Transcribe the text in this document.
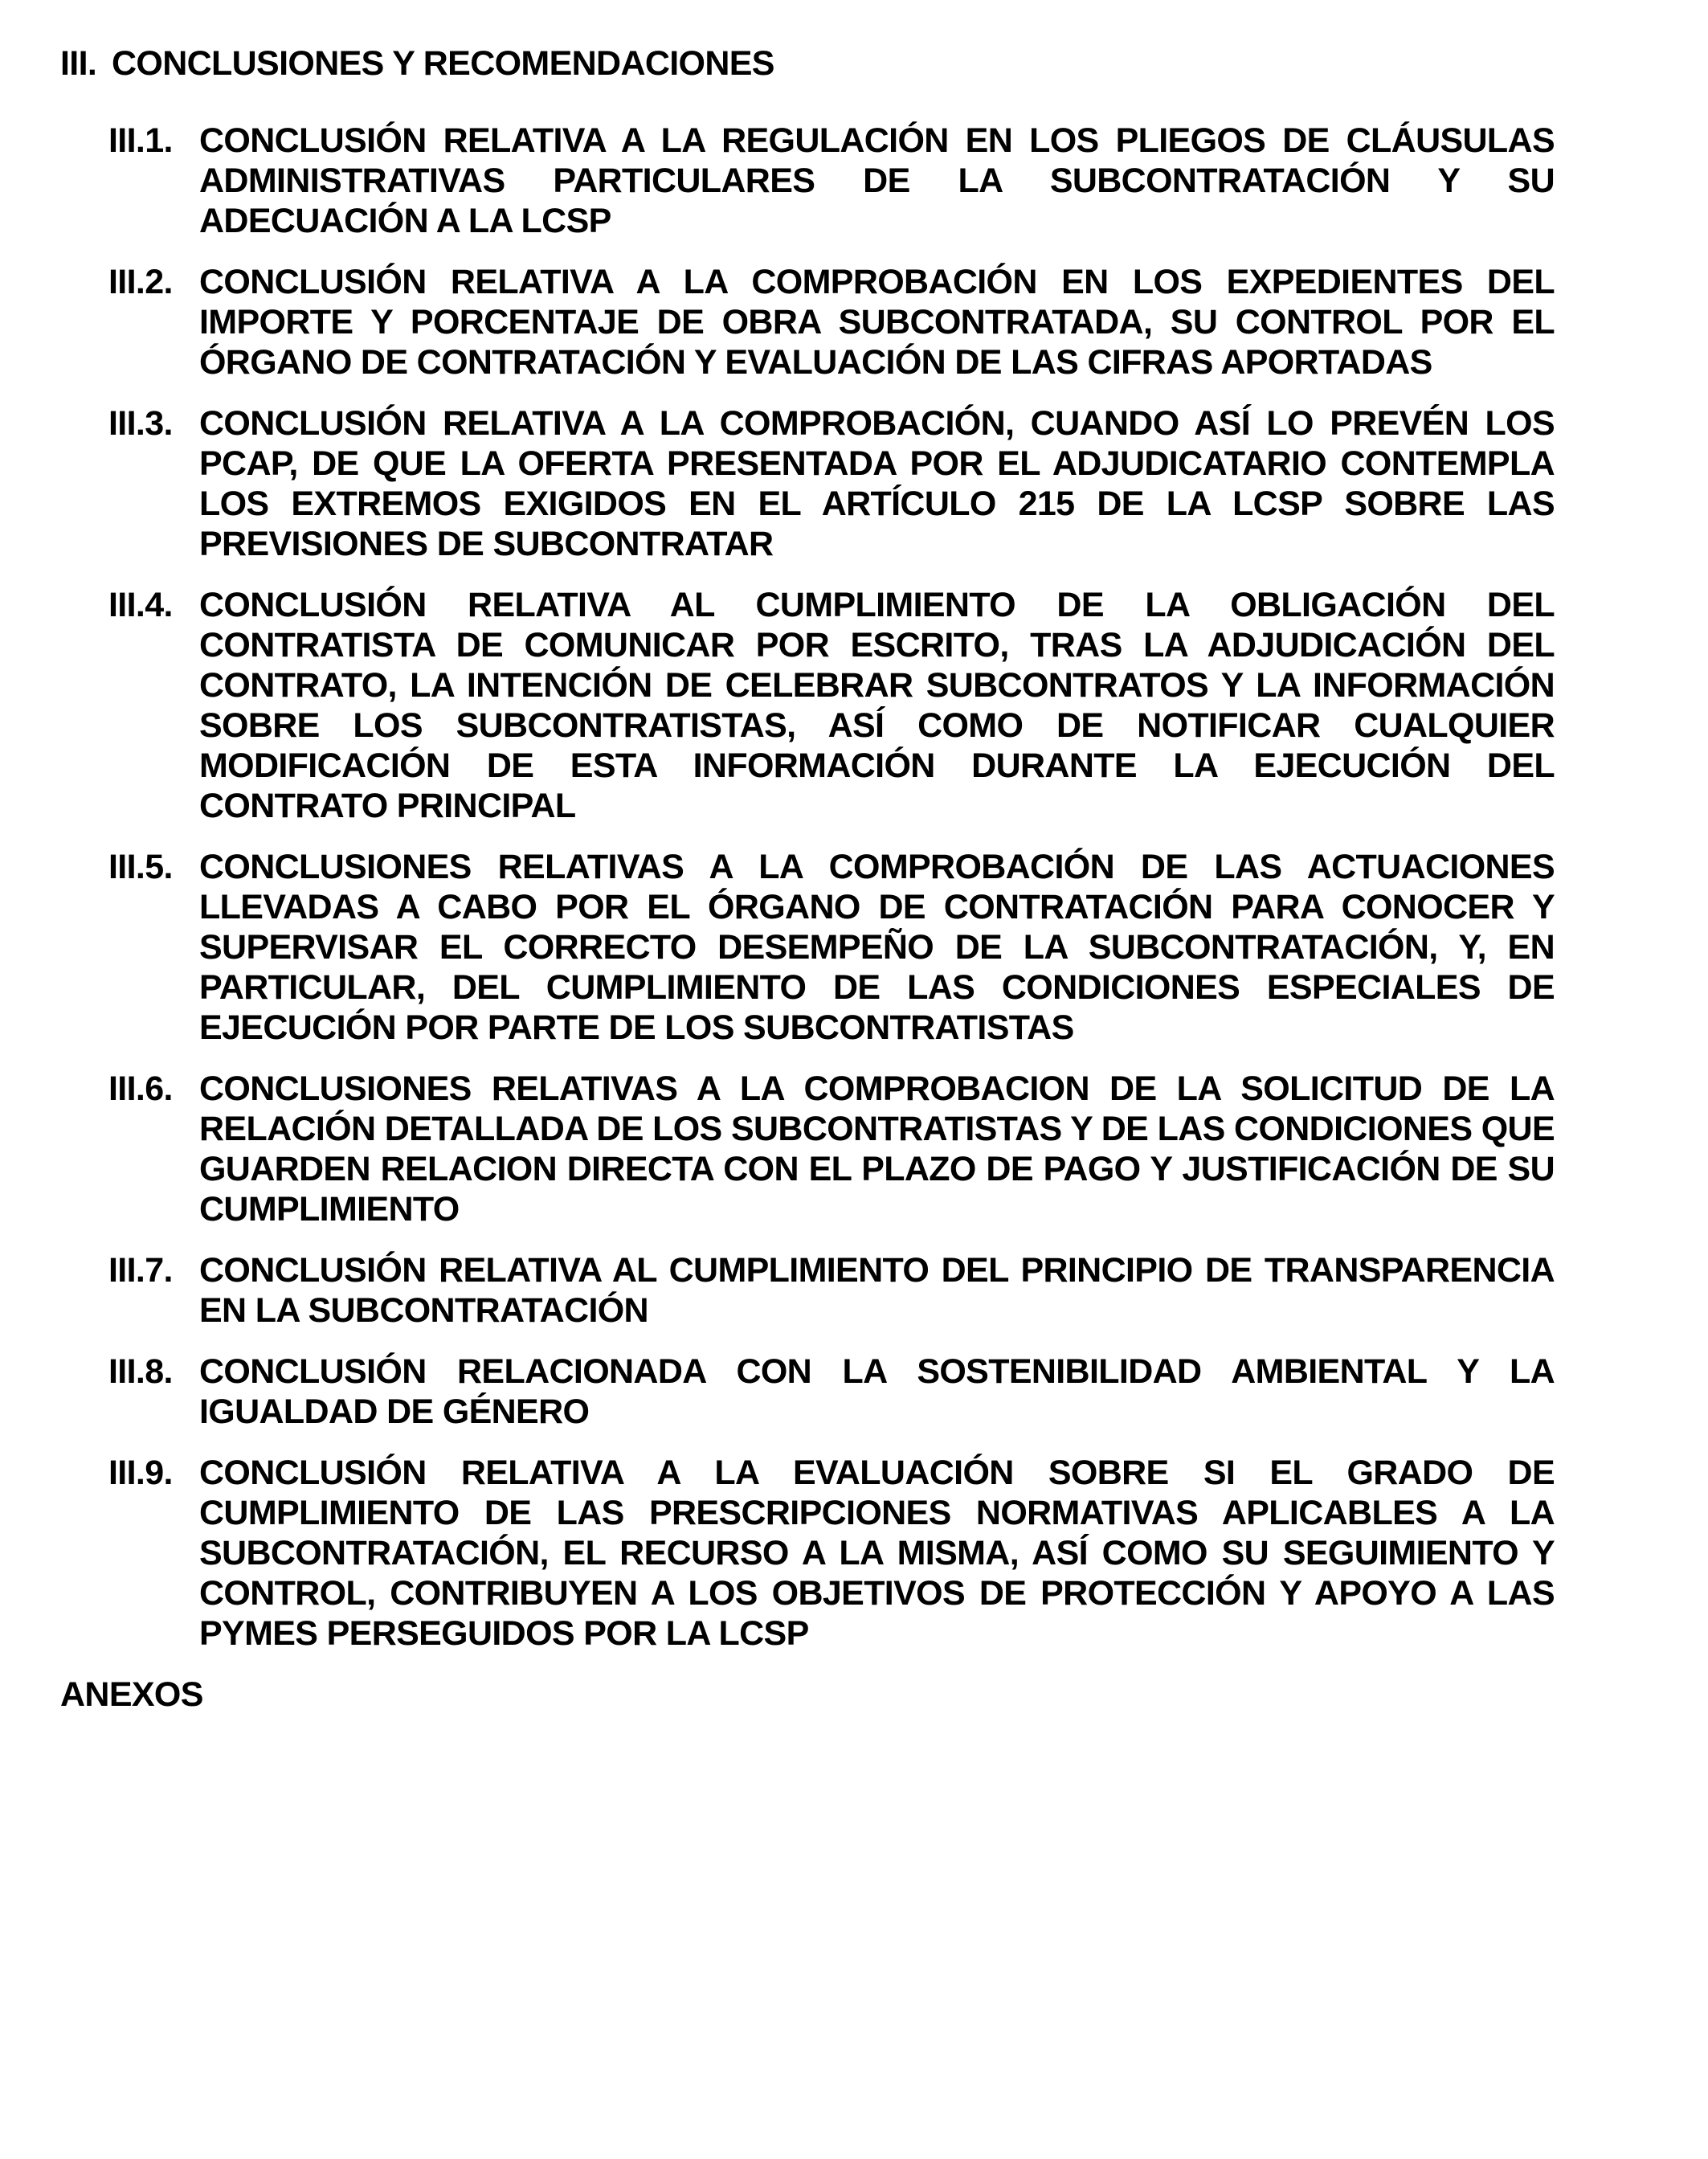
III. CONCLUSIONES Y RECOMENDACIONES
III.1. CONCLUSIÓN RELATIVA A LA REGULACIÓN EN LOS PLIEGOS DE CLÁUSULAS ADMINISTRATIVAS PARTICULARES DE LA SUBCONTRATACIÓN Y SU ADECUACIÓN A LA LCSP
III.2. CONCLUSIÓN RELATIVA A LA COMPROBACIÓN EN LOS EXPEDIENTES DEL IMPORTE Y PORCENTAJE DE OBRA SUBCONTRATADA, SU CONTROL POR EL ÓRGANO DE CONTRATACIÓN Y EVALUACIÓN DE LAS CIFRAS APORTADAS
III.3. CONCLUSIÓN RELATIVA A LA COMPROBACIÓN, CUANDO ASÍ LO PREVÉN LOS PCAP, DE QUE LA OFERTA PRESENTADA POR EL ADJUDICATARIO CONTEMPLA LOS EXTREMOS EXIGIDOS EN EL ARTÍCULO 215 DE LA LCSP SOBRE LAS PREVISIONES DE SUBCONTRATAR
III.4. CONCLUSIÓN RELATIVA AL CUMPLIMIENTO DE LA OBLIGACIÓN DEL CONTRATISTA DE COMUNICAR POR ESCRITO, TRAS LA ADJUDICACIÓN DEL CONTRATO, LA INTENCIÓN DE CELEBRAR SUBCONTRATOS Y LA INFORMACIÓN SOBRE LOS SUBCONTRATISTAS, ASÍ COMO DE NOTIFICAR CUALQUIER MODIFICACIÓN DE ESTA INFORMACIÓN DURANTE LA EJECUCIÓN DEL CONTRATO PRINCIPAL
III.5. CONCLUSIONES RELATIVAS A LA COMPROBACIÓN DE LAS ACTUACIONES LLEVADAS A CABO POR EL ÓRGANO DE CONTRATACIÓN PARA CONOCER Y SUPERVISAR EL CORRECTO DESEMPEÑO DE LA SUBCONTRATACIÓN, Y, EN PARTICULAR, DEL CUMPLIMIENTO DE LAS CONDICIONES ESPECIALES DE EJECUCIÓN POR PARTE DE LOS SUBCONTRATISTAS
III.6. CONCLUSIONES RELATIVAS A LA COMPROBACION DE LA SOLICITUD DE LA RELACIÓN DETALLADA DE LOS SUBCONTRATISTAS Y DE LAS CONDICIONES QUE GUARDEN RELACION DIRECTA CON EL PLAZO DE PAGO Y JUSTIFICACIÓN DE SU CUMPLIMIENTO
III.7. CONCLUSIÓN RELATIVA AL CUMPLIMIENTO DEL PRINCIPIO DE TRANSPARENCIA EN LA SUBCONTRATACIÓN
III.8. CONCLUSIÓN RELACIONADA CON LA SOSTENIBILIDAD AMBIENTAL Y LA IGUALDAD DE GÉNERO
III.9. CONCLUSIÓN RELATIVA A LA EVALUACIÓN SOBRE SI EL GRADO DE CUMPLIMIENTO DE LAS PRESCRIPCIONES NORMATIVAS APLICABLES A LA SUBCONTRATACIÓN, EL RECURSO A LA MISMA, ASÍ COMO SU SEGUIMIENTO Y CONTROL, CONTRIBUYEN A LOS OBJETIVOS DE PROTECCIÓN Y APOYO A LAS PYMES PERSEGUIDOS POR LA LCSP
ANEXOS
